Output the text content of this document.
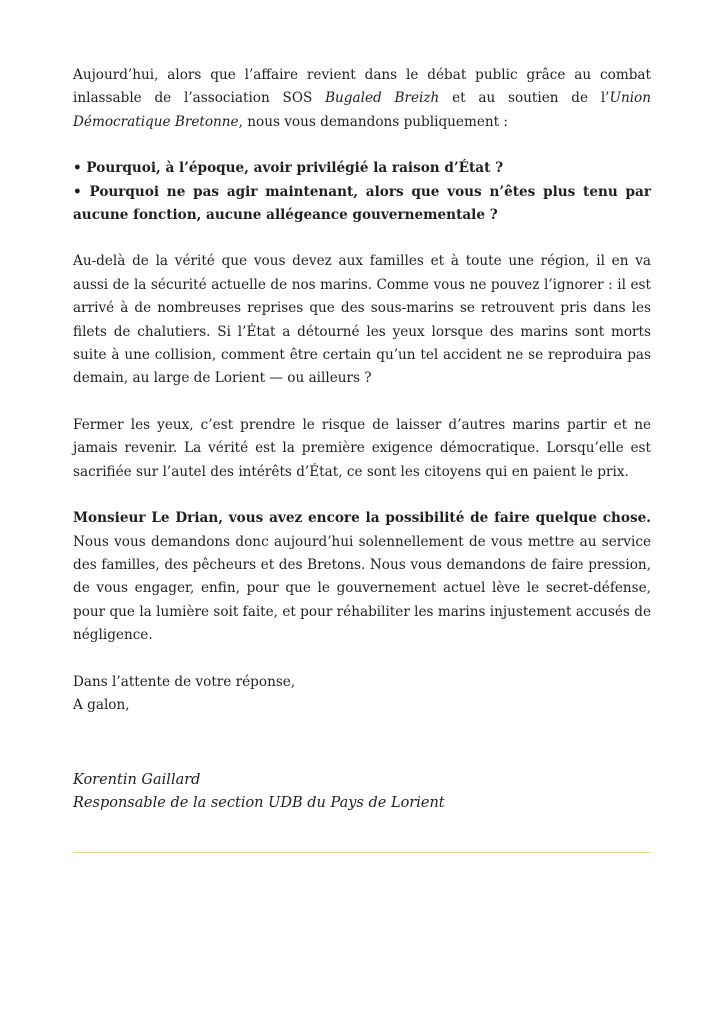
Aujourd’hui, alors que l’affaire revient dans le débat public grâce au combat inlassable de l’association SOS Bugaled Breizh et au soutien de l’Union Démocratique Bretonne, nous vous demandons publiquement :

• Pourquoi, à l’époque, avoir privilégié la raison d’État ?

• Pourquoi ne pas agir maintenant, alors que vous n’êtes plus tenu par aucune fonction, aucune allégeance gouvernementale ?

Au-delà de la vérité que vous devez aux familles et à toute une région, il en va aussi de la sécurité actuelle de nos marins. Comme vous ne pouvez l’ignorer : il est arrivé à de nombreuses reprises que des sous-marins se retrouvent pris dans les filets de chalutiers. Si l’État a détourné les yeux lorsque des marins sont morts suite à une collision, comment être certain qu’un tel accident ne se reproduira pas demain, au large de Lorient — ou ailleurs ?

Fermer les yeux, c’est prendre le risque de laisser d’autres marins partir et ne jamais revenir. La vérité est la première exigence démocratique. Lorsqu’elle est sacrifiée sur l’autel des intérêts d’État, ce sont les citoyens qui en paient le prix.

Monsieur Le Drian, vous avez encore la possibilité de faire quelque chose. Nous vous demandons donc aujourd’hui solennellement de vous mettre au service des familles, des pêcheurs et des Bretons. Nous vous demandons de faire pression, de vous engager, enfin, pour que le gouvernement actuel lève le secret-défense, pour que la lumière soit faite, et pour réhabiliter les marins injustement accusés de négligence.

Dans l’attente de votre réponse,

A galon,

Korentin Gaillard
Responsable de la section UDB du Pays de Lorient
